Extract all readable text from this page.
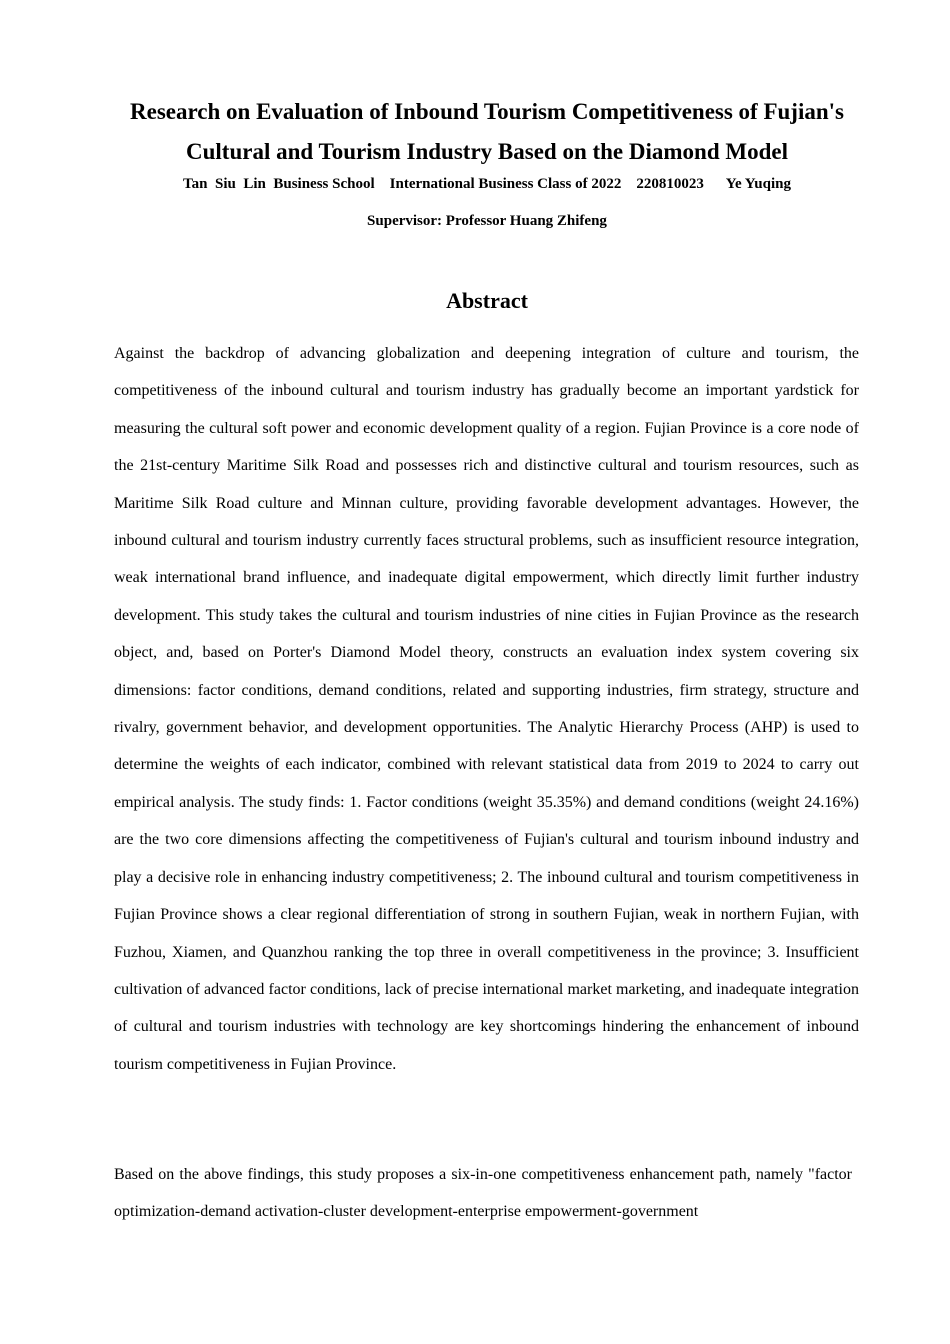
Research on Evaluation of Inbound Tourism Competitiveness of Fujian's Cultural and Tourism Industry Based on the Diamond Model
Tan  Siu  Lin  Business School    International Business Class of 2022    220810023      Ye Yuqing
Supervisor: Professor Huang Zhifeng
Abstract

Against the backdrop of advancing globalization and deepening integration of culture and tourism, the competitiveness of the inbound cultural and tourism industry has gradually become an important yardstick for measuring the cultural soft power and economic development quality of a region. Fujian Province is a core node of the 21st-century Maritime Silk Road and possesses rich and distinctive cultural and tourism resources, such as Maritime Silk Road culture and Minnan culture, providing favorable development advantages. However, the inbound cultural and tourism industry currently faces structural problems, such as insufficient resource integration, weak international brand influence, and inadequate digital empowerment, which directly limit further industry development. This study takes the cultural and tourism industries of nine cities in Fujian Province as the research object, and, based on Porter's Diamond Model theory, constructs an evaluation index system covering six dimensions: factor conditions, demand conditions, related and supporting industries, firm strategy, structure and rivalry, government behavior, and development opportunities. The Analytic Hierarchy Process (AHP) is used to determine the weights of each indicator, combined with relevant statistical data from 2019 to 2024 to carry out empirical analysis. The study finds: 1. Factor conditions (weight 35.35%) and demand conditions (weight 24.16%) are the two core dimensions affecting the competitiveness of Fujian's cultural and tourism inbound industry and play a decisive role in enhancing industry competitiveness; 2. The inbound cultural and tourism competitiveness in Fujian Province shows a clear regional differentiation of strong in southern Fujian, weak in northern Fujian, with Fuzhou, Xiamen, and Quanzhou ranking the top three in overall competitiveness in the province; 3. Insufficient cultivation of advanced factor conditions, lack of precise international market marketing, and inadequate integration of cultural and tourism industries with technology are key shortcomings hindering the enhancement of inbound tourism competitiveness in Fujian Province.

Based on the above findings, this study proposes a six-in-one competitiveness enhancement path, namely "factor optimization-demand activation-cluster development-enterprise empowerment-government
